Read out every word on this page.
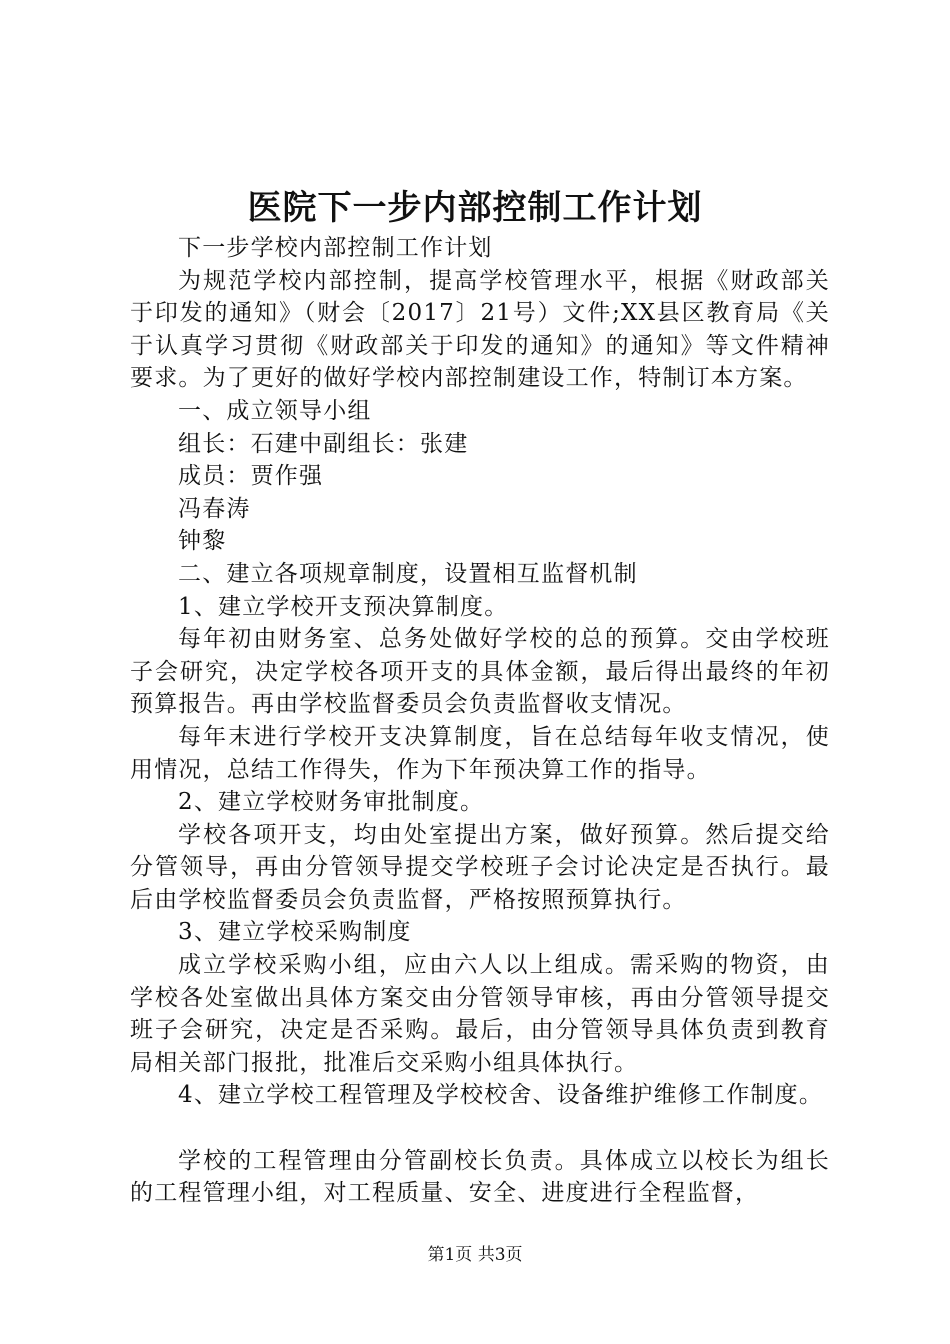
医院下一步内部控制工作计划

下一步学校内部控制工作计划

为规范学校内部控制，提高学校管理水平，根据《财政部关于印发的通知》（财会〔2017〕21号）文件;XX县区教育局《关于认真学习贯彻《财政部关于印发的通知》的通知》等文件精神要求。为了更好的做好学校内部控制建设工作，特制订本方案。

一、成立领导小组

组长：石建中副组长：张建

成员：贾作强

冯春涛

钟黎

二、建立各项规章制度，设置相互监督机制

1、建立学校开支预决算制度。

每年初由财务室、总务处做好学校的总的预算。交由学校班子会研究，决定学校各项开支的具体金额，最后得出最终的年初预算报告。再由学校监督委员会负责监督收支情况。

每年末进行学校开支决算制度，旨在总结每年收支情况，使用情况，总结工作得失，作为下年预决算工作的指导。

2、建立学校财务审批制度。

学校各项开支，均由处室提出方案，做好预算。然后提交给分管领导，再由分管领导提交学校班子会讨论决定是否执行。最后由学校监督委员会负责监督，严格按照预算执行。

3、建立学校采购制度

成立学校采购小组，应由六人以上组成。需采购的物资，由学校各处室做出具体方案交由分管领导审核，再由分管领导提交班子会研究，决定是否采购。最后，由分管领导具体负责到教育局相关部门报批，批准后交采购小组具体执行。

4、建立学校工程管理及学校校舍、设备维护维修工作制度。

学校的工程管理由分管副校长负责。具体成立以校长为组长的工程管理小组，对工程质量、安全、进度进行全程监督，

第1页 共3页
